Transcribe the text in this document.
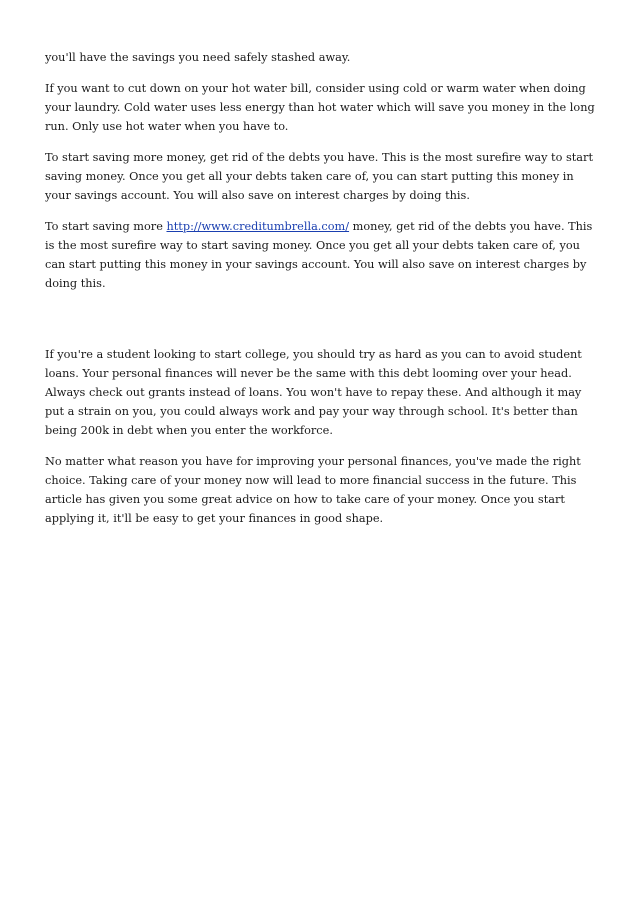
you'll have the savings you need safely stashed away.

If you want to cut down on your hot water bill, consider using cold or warm water when doing your laundry. Cold water uses less energy than hot water which will save you money in the long run. Only use hot water when you have to.

To start saving more money, get rid of the debts you have. This is the most surefire way to start saving money. Once you get all your debts taken care of, you can start putting this money in your savings account. You will also save on interest charges by doing this.

To start saving more http://www.creditumbrella.com/ money, get rid of the debts you have. This is the most surefire way to start saving money. Once you get all your debts taken care of, you can start putting this money in your savings account. You will also save on interest charges by doing this.

If you're a student looking to start college, you should try as hard as you can to avoid student loans. Your personal finances will never be the same with this debt looming over your head. Always check out grants instead of loans. You won't have to repay these. And although it may put a strain on you, you could always work and pay your way through school. It's better than being 200k in debt when you enter the workforce.

No matter what reason you have for improving your personal finances, you've made the right choice. Taking care of your money now will lead to more financial success in the future. This article has given you some great advice on how to take care of your money. Once you start applying it, it'll be easy to get your finances in good shape.
